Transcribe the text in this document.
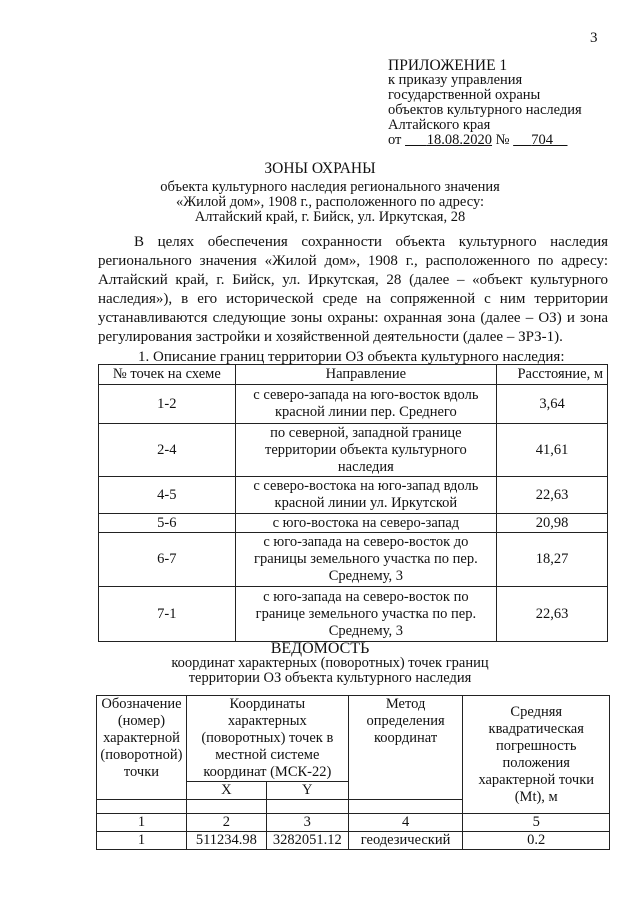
3
ПРИЛОЖЕНИЕ 1
к приказу управления
государственной охраны
объектов культурного наследия
Алтайского края
от 18.08.2020 № 704
ЗОНЫ ОХРАНЫ
объекта культурного наследия регионального значения
«Жилой дом», 1908 г., расположенного по адресу:
Алтайский край, г. Бийск, ул. Иркутская, 28
В целях обеспечения сохранности объекта культурного наследия регионального значения «Жилой дом», 1908 г., расположенного по адресу: Алтайский край, г. Бийск, ул. Иркутская, 28 (далее – «объект культурного наследия»), в его исторической среде на сопряженной с ним территории устанавливаются следующие зоны охраны: охранная зона (далее – ОЗ) и зона регулирования застройки и хозяйственной деятельности (далее – ЗРЗ-1).
1. Описание границ территории ОЗ объекта культурного наследия:
№ точек на схеме	Направление	Расстояние, м
1-2	с северо-запада на юго-восток вдоль красной линии пер. Среднего	3,64
2-4	по северной, западной границе территории объекта культурного наследия	41,61
4-5	с северо-востока на юго-запад вдоль красной линии ул. Иркутской	22,63
5-6	с юго-востока на северо-запад	20,98
6-7	с юго-запада на северо-восток до границы земельного участка по пер. Среднему, 3	18,27
7-1	с юго-запада на северо-восток по границе земельного участка по пер. Среднему, 3	22,63
ВЕДОМОСТЬ
координат характерных (поворотных) точек границ
территории ОЗ объекта культурного наследия
Обозначение (номер) характерной (поворотной) точки	Координаты характерных (поворотных) точек в местной системе координат (МСК-22)		Метод определения координат	Средняя квадратическая погрешность положения характерной точки (Mt), м
	X	Y		

1	2	3	4	5
1	511234.98	3282051.12	геодезический	0.2
